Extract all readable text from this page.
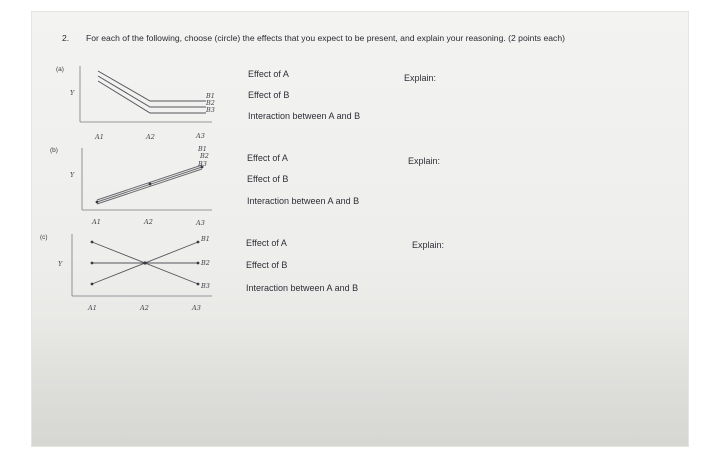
2. For each of the following, choose (circle) the effects that you expect to be present, and explain your reasoning. (2 points each)
(a)
(b)
(c)
Y	B1
B2
B3
A1	A2	A3
Y
B1
B2
B3
A1	A2	A3
Y
B1
B2
B3
A1	A2	A3
Effect of A
Effect of B
Interaction between A and B
Explain:
Effect of A
Effect of B
Interaction between A and B
Explain:
Effect of A
Effect of B
Interaction between A and B
Explain:
